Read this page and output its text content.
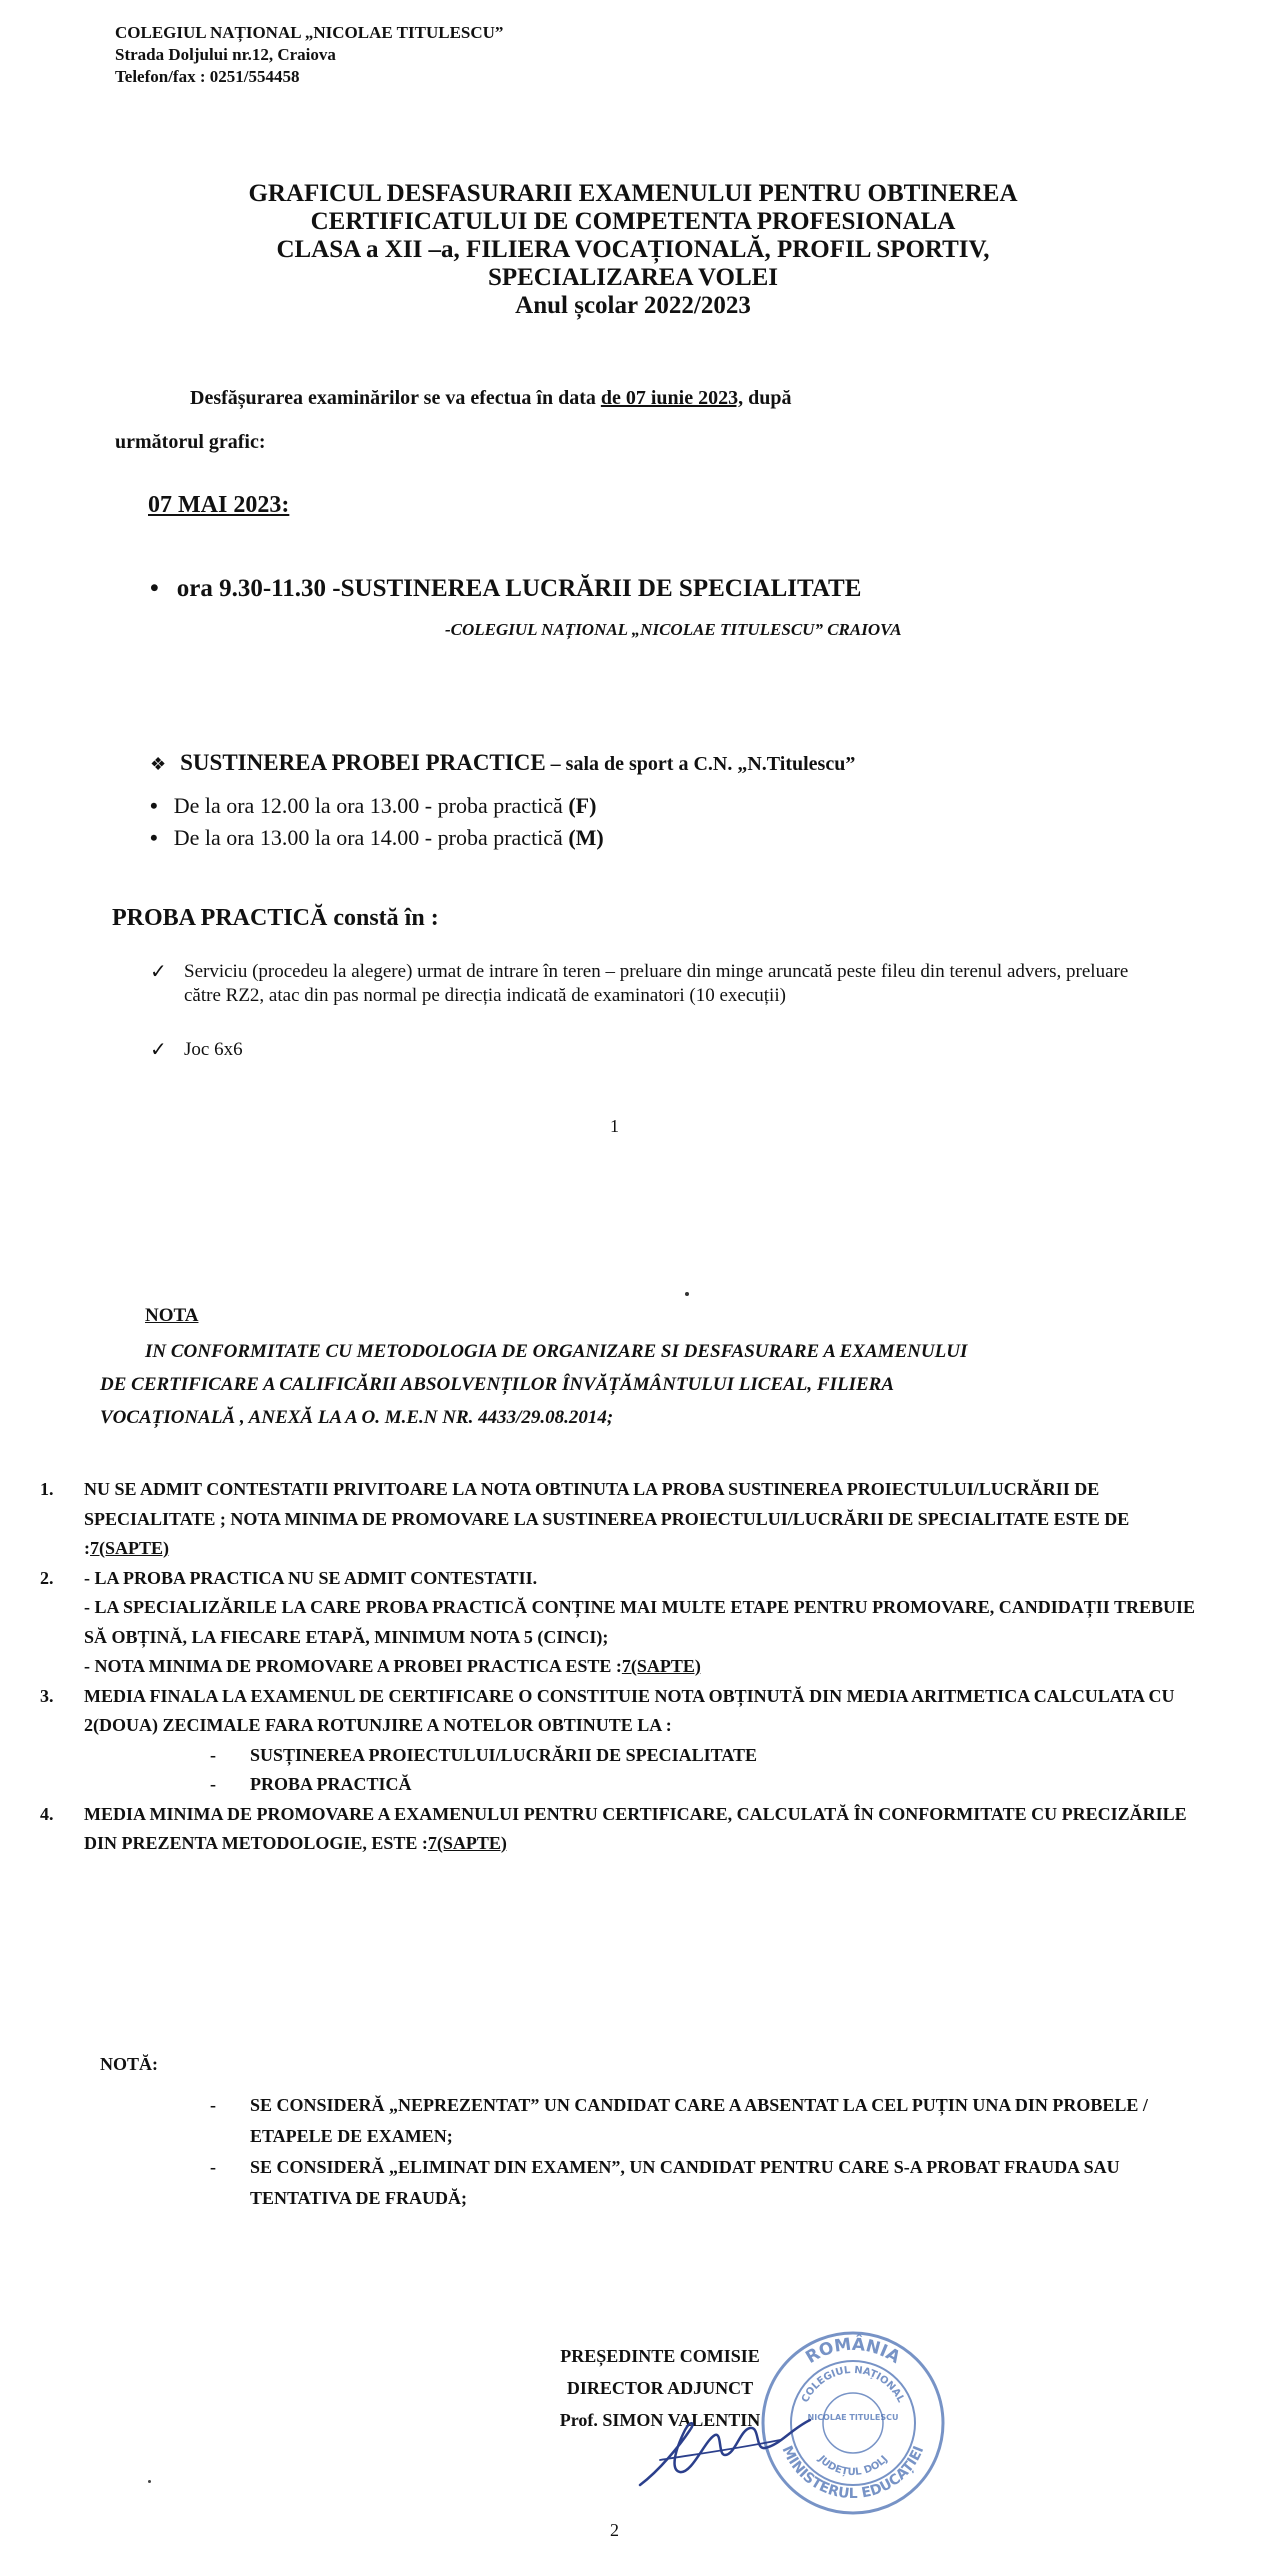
COLEGIUL NAȚIONAL „NICOLAE TITULESCU”
Strada Doljului nr.12, Craiova
Telefon/fax : 0251/554458
GRAFICUL DESFASURARII EXAMENULUI PENTRU OBTINEREA
CERTIFICATULUI DE COMPETENTA PROFESIONALA
CLASA a XII –a, FILIERA VOCAȚIONALĂ, PROFIL SPORTIV,
SPECIALIZAREA VOLEI
Anul școlar 2022/2023
Desfășurarea examinărilor se va efectua în data de 07 iunie 2023, după
următorul grafic:
07 MAI 2023:
• ora 9.30-11.30 -SUSTINEREA LUCRĂRII DE SPECIALITATE
-COLEGIUL NAȚIONAL „NICOLAE TITULESCU” CRAIOVA
❖ SUSTINEREA PROBEI PRACTICE – sala de sport a C.N. „N.Titulescu”
• De la ora 12.00 la ora 13.00 - proba practică (F)
• De la ora 13.00 la ora 14.00 - proba practică (M)
PROBA PRACTICĂ constă în :
✓ Serviciu (procedeu la alegere) urmat de intrare în teren – preluare din minge aruncată peste fileu din terenul advers, preluare către RZ2, atac din pas normal pe direcția indicată de examinatori (10 execuții)
✓ Joc 6x6
1
NOTA
IN CONFORMITATE CU METODOLOGIA DE ORGANIZARE SI DESFASURARE A EXAMENULUI
DE CERTIFICARE A CALIFICĂRII ABSOLVENȚILOR ÎNVĂȚĂMÂNTULUI LICEAL, FILIERA
VOCAȚIONALĂ , ANEXĂ LA A O. M.E.N NR. 4433/29.08.2014;
1.	NU SE ADMIT CONTESTATII PRIVITOARE LA NOTA OBTINUTA LA PROBA SUSTINEREA PROIECTULUI/LUCRĂRII DE SPECIALITATE ; NOTA MINIMA DE PROMOVARE LA SUSTINEREA PROIECTULUI/LUCRĂRII DE SPECIALITATE ESTE DE :7(SAPTE)
2.	- LA PROBA PRACTICA NU SE ADMIT CONTESTATII.
- LA SPECIALIZĂRILE LA CARE PROBA PRACTICĂ CONȚINE MAI MULTE ETAPE PENTRU PROMOVARE, CANDIDAȚII TREBUIE SĂ OBȚINĂ, LA FIECARE ETAPĂ, MINIMUM NOTA 5 (CINCI);
- NOTA MINIMA DE PROMOVARE A PROBEI PRACTICA ESTE :7(SAPTE)
3.	MEDIA FINALA LA EXAMENUL DE CERTIFICARE O CONSTITUIE NOTA OBȚINUTĂ DIN MEDIA ARITMETICA CALCULATA CU 2(DOUA) ZECIMALE FARA ROTUNJIRE A NOTELOR OBTINUTE LA :
-	SUSȚINEREA PROIECTULUI/LUCRĂRII DE SPECIALITATE
-	PROBA PRACTICĂ
4.	MEDIA MINIMA DE PROMOVARE A EXAMENULUI PENTRU CERTIFICARE, CALCULATĂ ÎN CONFORMITATE CU PRECIZĂRILE DIN PREZENTA METODOLOGIE, ESTE :7(SAPTE)
NOTĂ:
-	SE CONSIDERĂ „NEPREZENTAT” UN CANDIDAT CARE A ABSENTAT LA CEL PUȚIN UNA DIN PROBELE / ETAPELE DE EXAMEN;
-	SE CONSIDERĂ „ELIMINAT DIN EXAMEN”, UN CANDIDAT PENTRU CARE S-A PROBAT FRAUDA SAU TENTATIVA DE FRAUDĂ;
ROMÂNIA
MINISTERUL EDUCAȚIEI
COLEGIUL NAȚIONAL
NICOLAE TITULESCU
JUDEȚUL DOLJ
PREȘEDINTE COMISIE
DIRECTOR ADJUNCT
Prof. SIMON VALENTIN
2
